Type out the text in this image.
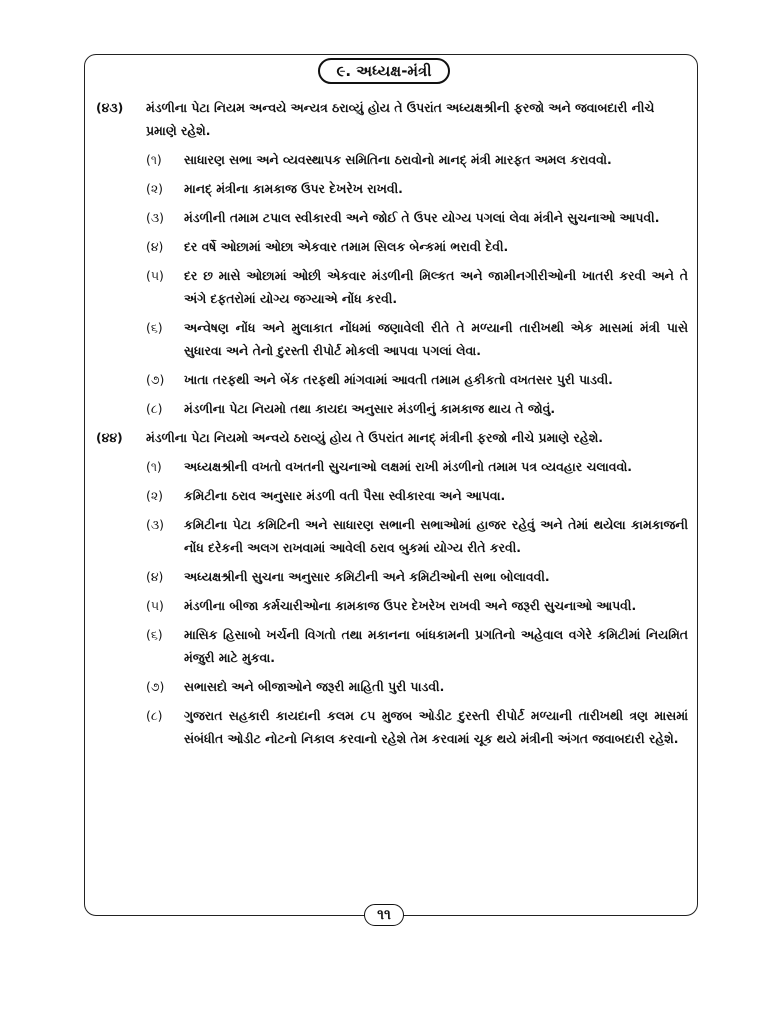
૯. અધ્યક્ષ-મંત્રી
(૪૩) મંડળીના પેટા નિયમ અન્વયે અન્યત્ર ઠરાવ્યું હોય તે ઉપરાંત અધ્યક્ષશ્રીની ફરજો અને જવાબદારી નીચે પ્રમાણે રહેશે.
(૧) સાધારણ સભા અને વ્યવસ્થાપક સમિતિના ઠરાવોનો માનદ્ મંત્રી મારફત અમલ કરાવવો.
(૨) માનદ્ મંત્રીના કામકાજ ઉપર દેખરેખ રાખવી.
(૩) મંડળીની તમામ ટપાલ સ્વીકારવી અને જોઈ તે ઉપર યોગ્ય પગલાં લેવા મંત્રીને સુચનાઓ આપવી.
(૪) દર વર્ષે ઓછામાં ઓછા એકવાર તમામ સિલક બેન્કમાં ભરાવી દેવી.
(૫) દર છ માસે ઓછામાં ઓછી એકવાર મંડળીની મિલ્કત અને જામીનગીરીઓની ખાતરી કરવી અને તે અંગે દફતરોમાં યોગ્ય જગ્યાએ નોંધ કરવી.
(૬) અન્વેષણ નોંધ અને મુલાકાત નોંધમાં જણાવેલી રીતે તે મળ્યાની તારીખથી એક માસમાં મંત્રી પાસે સુધારવા અને તેનો દુરસ્તી રીપોર્ટ મોકલી આપવા પગલાં લેવા.
(૭) ખાતા તરફથી અને બેંક તરફથી માંગવામાં આવતી તમામ હકીકતો વખતસર પુરી પાડવી.
(૮) મંડળીના પેટા નિયમો તથા કાયદા અનુસાર મંડળીનું કામકાજ થાય તે જોવું.
(૪૪) મંડળીના પેટા નિયમો અન્વયે ઠરાવ્યું હોય તે ઉપરાંત માનદ્ મંત્રીની ફરજો નીચે પ્રમાણે રહેશે.
(૧) અધ્યક્ષશ્રીની વખતો વખતની સુચનાઓ લક્ષમાં રાખી મંડળીનો તમામ પત્ર વ્યવહાર ચલાવવો.
(૨) કમિટીના ઠરાવ અનુસાર મંડળી વતી પૈસા સ્વીકારવા અને આપવા.
(૩) કમિટીના પેટા કમિટિની અને સાધારણ સભાની સભાઓમાં હાજર રહેવું અને તેમાં થયેલા કામકાજની નોંધ દરેકની અલગ રાખવામાં આવેલી ઠરાવ બુકમાં યોગ્ય રીતે કરવી.
(૪) અધ્યક્ષશ્રીની સુચના અનુસાર કમિટીની અને કમિટીઓની સભા બોલાવવી.
(૫) મંડળીના બીજા કર્મચારીઓના કામકાજ ઉપર દેખરેખ રાખવી અને જરૂરી સુચનાઓ આપવી.
(૬) માસિક હિસાબો ખર્ચની વિગતો તથા મકાનના બાંધકામની પ્રગતિનો અહેવાલ વગેરે કમિટીમાં નિયમિત મંજુરી માટે મુકવા.
(૭) સભાસદો અને બીજાઓને જરૂરી માહિતી પુરી પાડવી.
(૮) ગુજરાત સહકારી કાયદાની કલમ ૮૫ મુજબ ઓડીટ દુરસ્તી રીપોર્ટ મળ્યાની તારીખથી ત્રણ માસમાં સંબંધીત ઓડીટ નોટનો નિકાલ કરવાનો રહેશે તેમ કરવામાં ચૂક થયે મંત્રીની અંગત જવાબદારી રહેશે.
૧૧
